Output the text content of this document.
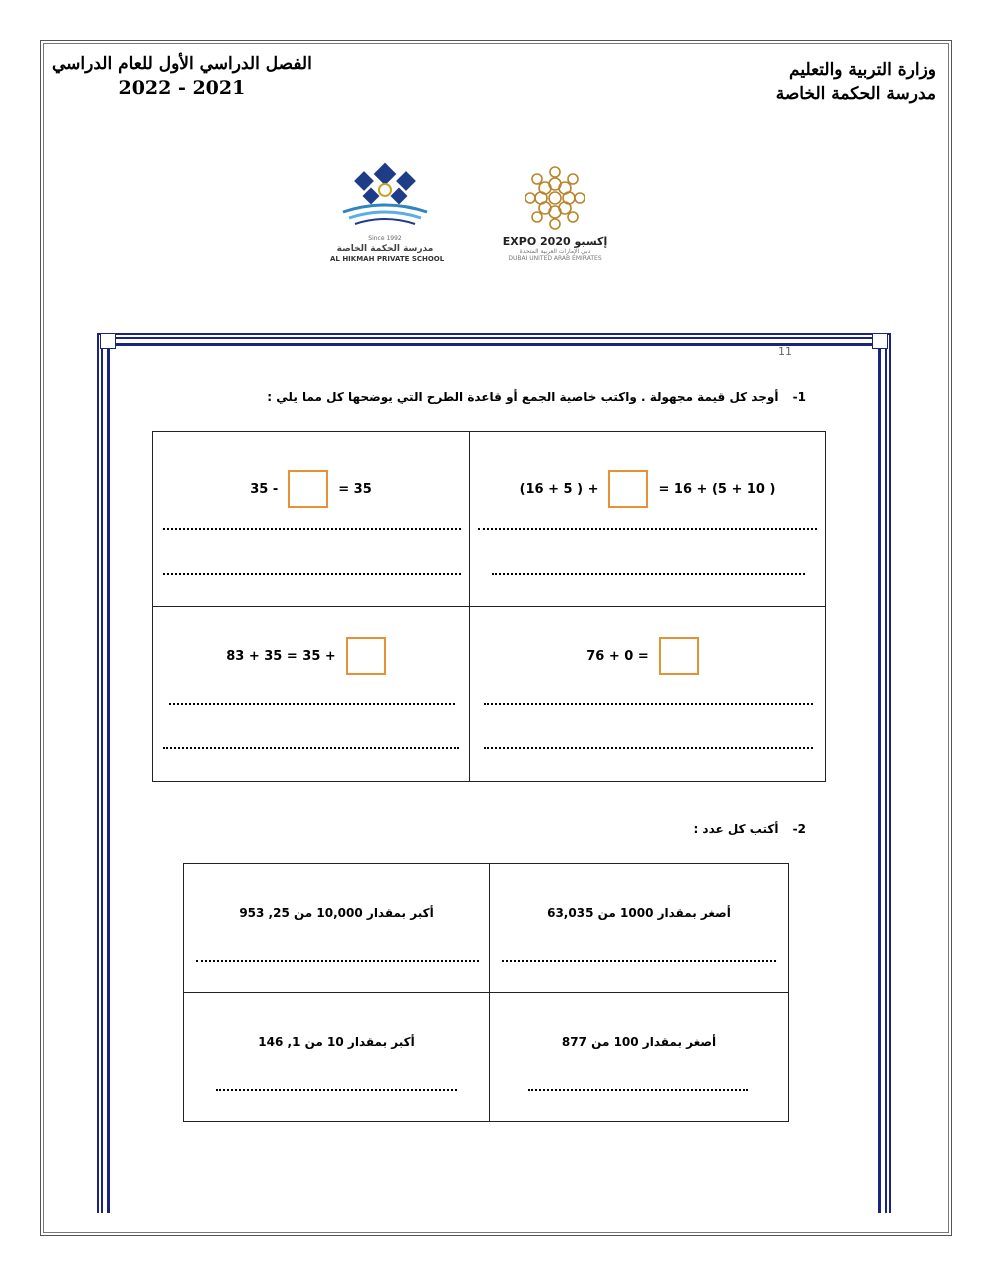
وزارة التربية والتعليم
مدرسة الحكمة الخاصة
الفصل الدراسي الأول للعام الدراسي
2022 - 2021
Since 1992
مدرسة الحكمة الخاصة
AL HIKMAH PRIVATE SCHOOL
EXPO 2020 إكسبو
دبي الإمارات العربية المتحدة
DUBAI UNITED ARAB EMIRATES
11
-1 أوجد كل قيمة مجهولة . واكتب خاصية الجمع أو قاعدة الطرح التي يوضحها كل مما يلي :
35 - = 35	(16 + 5 ) + = 16 + (5 + 10 )

83 + 35 = 35 +	76 + 0 =
-2 أكتب كل عدد :
أكبر بمقدار 10,000 من 25, 953	أصغر بمقدار 1000 من 63,035

أكبر بمقدار 10 من 1, 146	أصغر بمقدار 100 من 877
